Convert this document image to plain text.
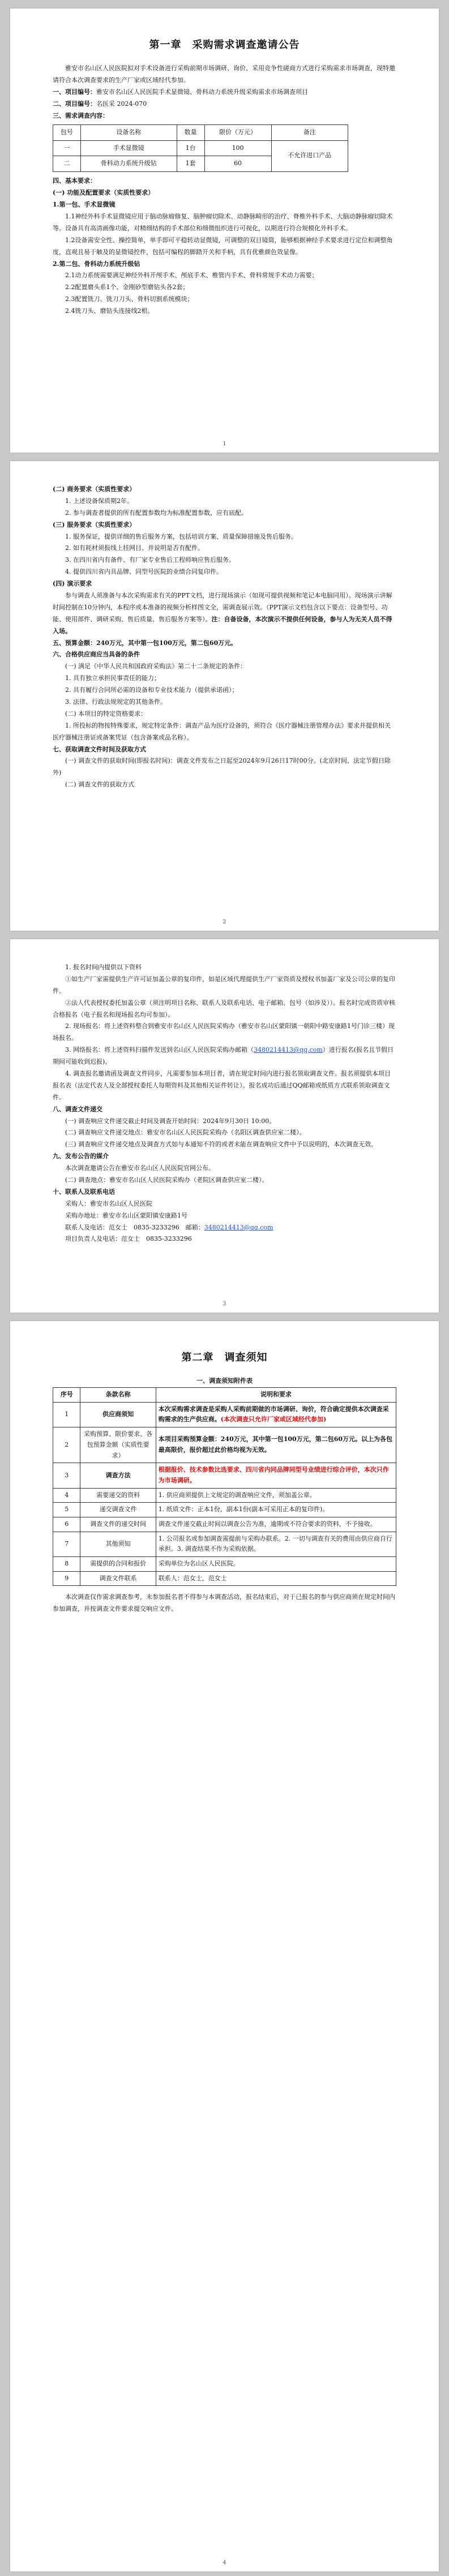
第一章　采购需求调查邀请公告

雅安市名山区人民医院拟对手术设备进行采购前期市场调研、询价、采用竞争性磋商方式进行采购需求市场调查，现特邀请符合本次调查要求的生产厂家或区域经代参加。

一、项目编号：雅安市名山区人民医院手术显微镜、骨科动力系统升级采购需求市场调查项目

二、项目编号：名医采 2024-070

三、需求调查内容：

包号	设备名称	数量	限价（万元）	备注
一	手术显微镜	1台	100	不允许进口产品
二	骨科动力系统升级钻	1套	60	

四、基本要求：

(一) 功能及配置要求（实质性要求）

1.第一包、手术显微镜

1.1神经外科手术显微镜应用于脑动脉瘤修复、脑肿瘤切除术、动静脉畸形的治疗、脊椎外科手术、大脑动静脉瘤切除术等。设备具有高清画像功能，对精细结构的手术部位和细微组织进行可视化，以期进行符合规模化外科手术。

1.2设备需安全性、操控简单，单手即可平稳转动显微镜，可调整的双目镜筒，能够根据神经手术要求进行定位和调整角度，直观且易于触及的显微镜控件，包括可编程的脚踏开关和手柄，具有优雅颜色效显像。

2.第二包、骨科动力系统升级钻

2.1动力系统需要满足神经外科开颅手术、颅底手术、椎管内手术、骨科常规手术动力需要；

2.2配置磨头系1个、金刚砂型磨钻头各2套；

2.3配置铣刀、铣刀刀头、骨科切割系统模块；

2.4铣刀头、磨钻头连接线2根。

1

(二) 商务要求（实质性要求）

1. 上述设备保质期2年。

2. 参与调查者提供的所有配置参数均为标准配置参数，应有底配。

(三) 服务要求（实质性要求）

1. 服务保证，提供详细的售后服务方案，包括培训方案、质量保障措施及售后服务。

2. 如有耗材须报线上挂网目、并说明是否有配件。

3. 在四川省内有备件、有厂家专业售后工程师响应售后服务。

4. 提供四川省内具品牌、同型号医院的业绩合同复印件。

(四) 演示要求

参与调查人须准备与本次采购需求有关的PPT文档，进行现场演示（如现可提供视频和笔记本电脑同用）。现场演示讲解时间控制在10分钟内，本程序或本准备的视频分析样图文全，需调查展示效。（PPT演示文档包含以下要点：设备型号、功能、使用部件、调研采购、售后质量、售后服务方案等）。注：自备设备，本次演示不提供任何设备，参与人为无关人员不得入场。

五、预算金额：240万元，其中第一包100万元，第二包60万元。

六、合格供应商应当具备的条件

(一) 满足《中华人民共和国政府采购法》第二十二条规定的条件：

1. 具有独立承担民事责任的能力；

2. 具有履行合同所必需的设备和专业技术能力（提供承诺函）；

3. 法律、行政法规规定的其他条件。

(二) 本项目的特定资格要求：

1. 所投标的物按特殊要求，规定特定条件：调查产品为医疗设备的，须符合《医疗器械注册管理办法》要求并提供相关医疗器械注册证或备案凭证（包含备案或品名称）。

七、获取调查文件时间及获取方式

(一) 调查文件的获取时间(即报名时间)：调查文件发布之日起至2024年9月26日17时00分。(北京时间、法定节假日除外)

(二) 调查文件的获取方式

2

1. 报名时间内提供以下资料

①如生产厂家需提供生产许可证加盖公章的复印件，如是区域代理提供生产厂家资质及授权书加盖厂家及公司公章的复印件。

②法人代表授权委托加盖公章（须注明项目名称、联系人及联系电话、电子邮箱、包号（如涉及））。报名时完成资质审核合格报名（电子报名和现场报名均可参加）。

2. 现场报名：将上述资料整合到雅安市名山区人民医院采购办（雅安市名山区蒙阳镇一朝阳中路安康路1号门诊三楼）现场报名。

3. 网络报名：将上述资料扫描件发送到名山区人民医院采购办邮箱（3480214413@qq.com）进行报名(报名且节假日期间可能收到迟报)。

4. 调查报名邀请函及调查文件同步，凡需要参加本项目者，请在规定时间内进行报名领取调查文件。报名须提供本项目报名表（法定代表人及全部授权委托人每期资料及其他相关证件转让）。报名成功后通过QQ邮箱或纸质方式联系领取调查文件。

八、调查文件递交

(一) 调查响应文件递交截止时间及调查开始时间：2024年9月30日 10:00。

(二) 调查响应文件递交地点：雅安市名山区人民医院采购办（名阳区调查供应室二楼）。

(三) 调查响应文件递交地点及调查方式如与本通知不符的或者未能在调查响应文件中予以说明的，本次调查无效。

九、发布公告的媒介

本次调查邀请公告在雅安市名山区人民医院官网公布。

(二) 调查地点：雅安市名山区人民医院采购办（老院区调查供应室二楼）。

十、联系人及联系电话

采购人：雅安市名山区人民医院

采购办地址：雅安市名山区蒙阳镇安康路1号

联系人及电话：范女士　0835-3233296　邮箱：3480214413@qq.com

项目负责人及电话：范女士　0835-3233296

3
第二章　调查须知

一、调查须知附件表

序号	条款名称	说明和要求
1	供应商须知	本次采购需求调查是采购人采购前期做的市场调研、询价，符合确定提供本次调查采购需求的生产供应商。(本次调查只允许厂家或区域经代参加)
2	采购预算、限价要求、各包预算金额（实质性要求）	本项目采购预算金额：240万元，其中第一包100万元，第二包60万元。以上为各包最高限价，报价超过此价格均视为无效。
3	调查方法	根据报价、技术参数比选要求、四川省内同品牌同型号业绩进行综合评价，本次只作为市场调研。
4	需要递交的资料	1. 供应商须提供上文规定的调查响应文件，须加盖公章。
5	递交调查文件	1. 纸质文件：正本1份，副本1份(副本可采用正本的复印件)。
6	调查文件的递交时间	调查文件递交截止时间以调查公告为准，逾期或不符合要求的资料，不予接收。
7	其他须知	1. 公司报名或参加调查需提前与采购办联系。2. 一切与调查有关的费用由供应商自行承担。3. 调查结果不作为采购依据。
8	需提供的合同和报价	采购单位为名山区人民医院。
9	调查文件联系	联系人：范女士，范女士

本次调查仅作需求调查参考，未参加报名者不得参与本调查活动，报名结束后，对于已报名的参与供应商须在规定时间内参加调查，并按调查文件要求提交响应文件。

4
